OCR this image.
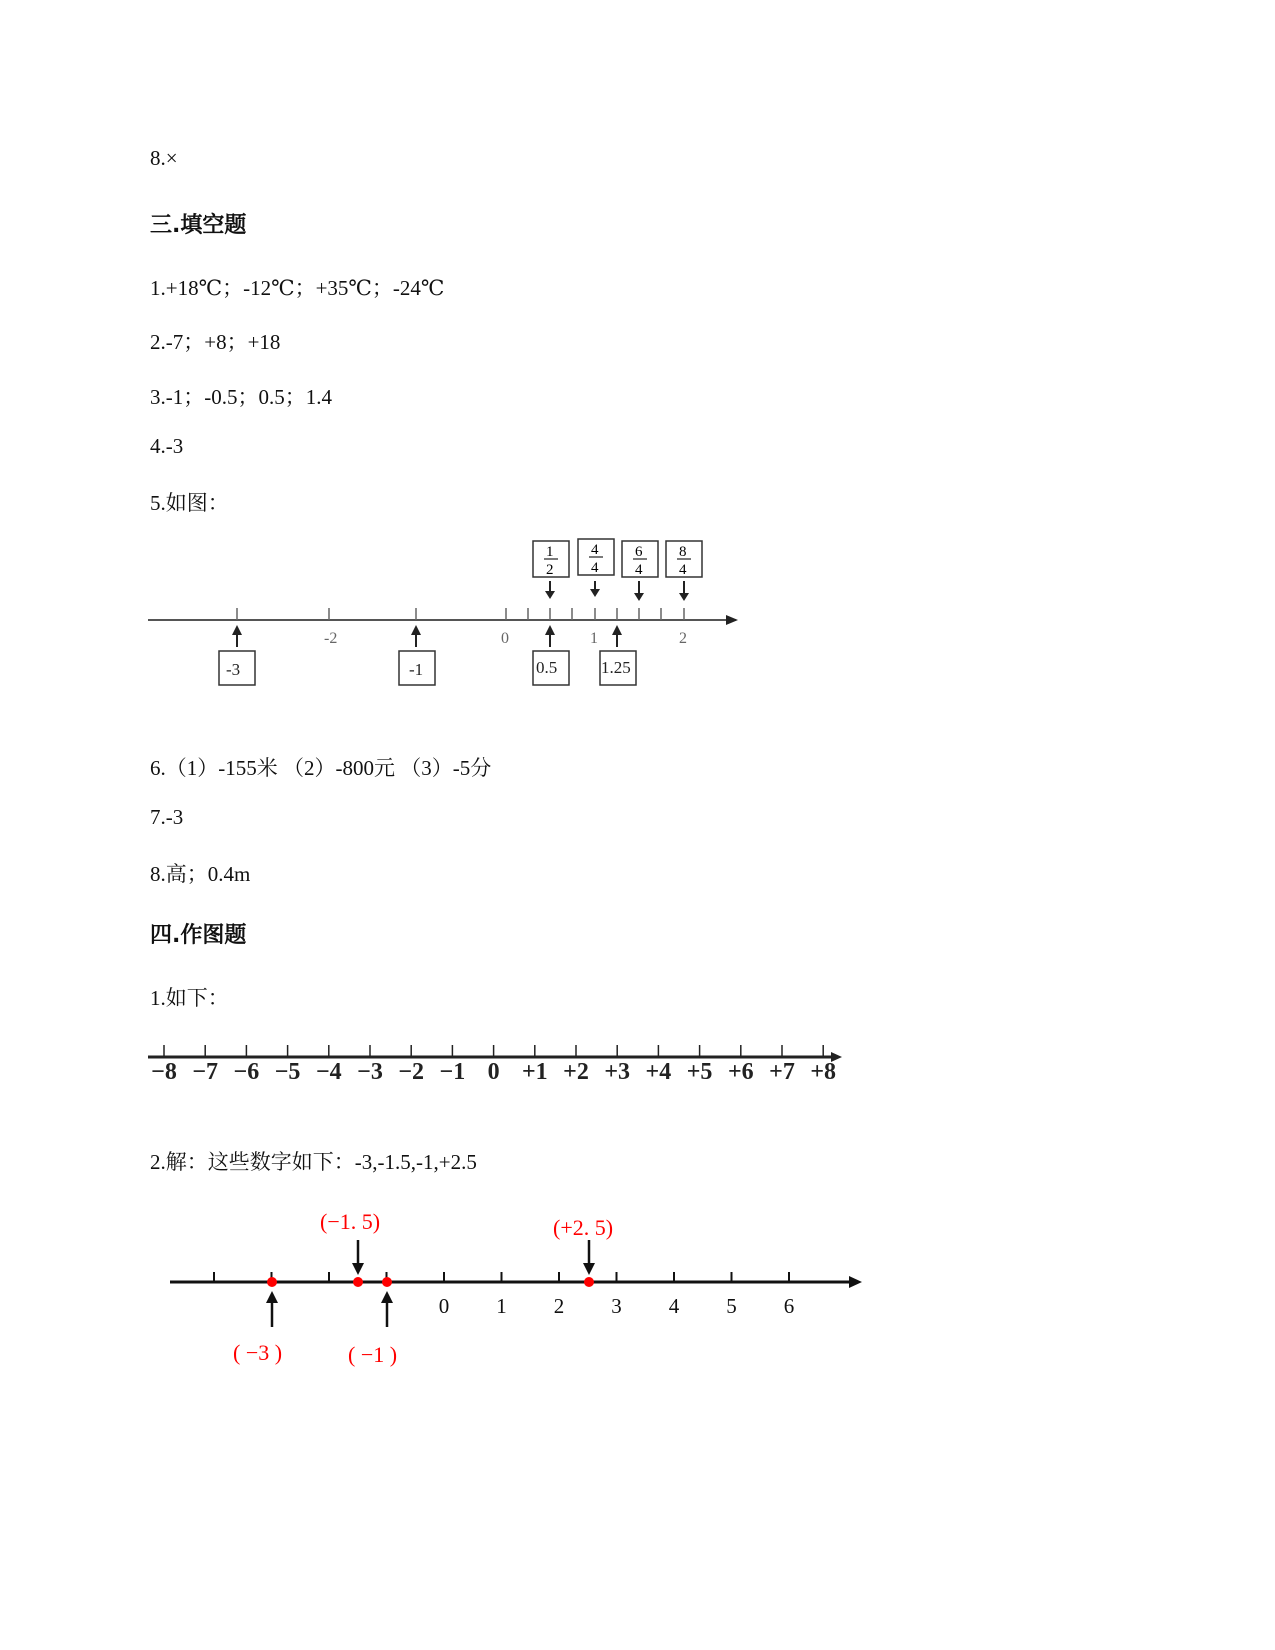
8.×
三.填空题
1.+18℃；-12℃；+35℃；-24℃
2.-7；+8；+18
3.-1；-0.5；0.5；1.4
4.-3
5.如图：
-2	0	1	2
-3	-1	0.5	1.25
1
2
4
4
6
4
8
4
6.（1）-155米 （2）-800元 （3）-5分
7.-3
8.高；0.4m
四.作图题
1.如下：
−8 −7 −6 −5 −4 −3 −2 −1 0 +1 +2 +3 +4 +5 +6 +7 +8
2.解：这些数字如下：-3,-1.5,-1,+2.5
0 1 2 3 4 5 6
(−1. 5)	(+2. 5)
( −3 )	( −1 )
